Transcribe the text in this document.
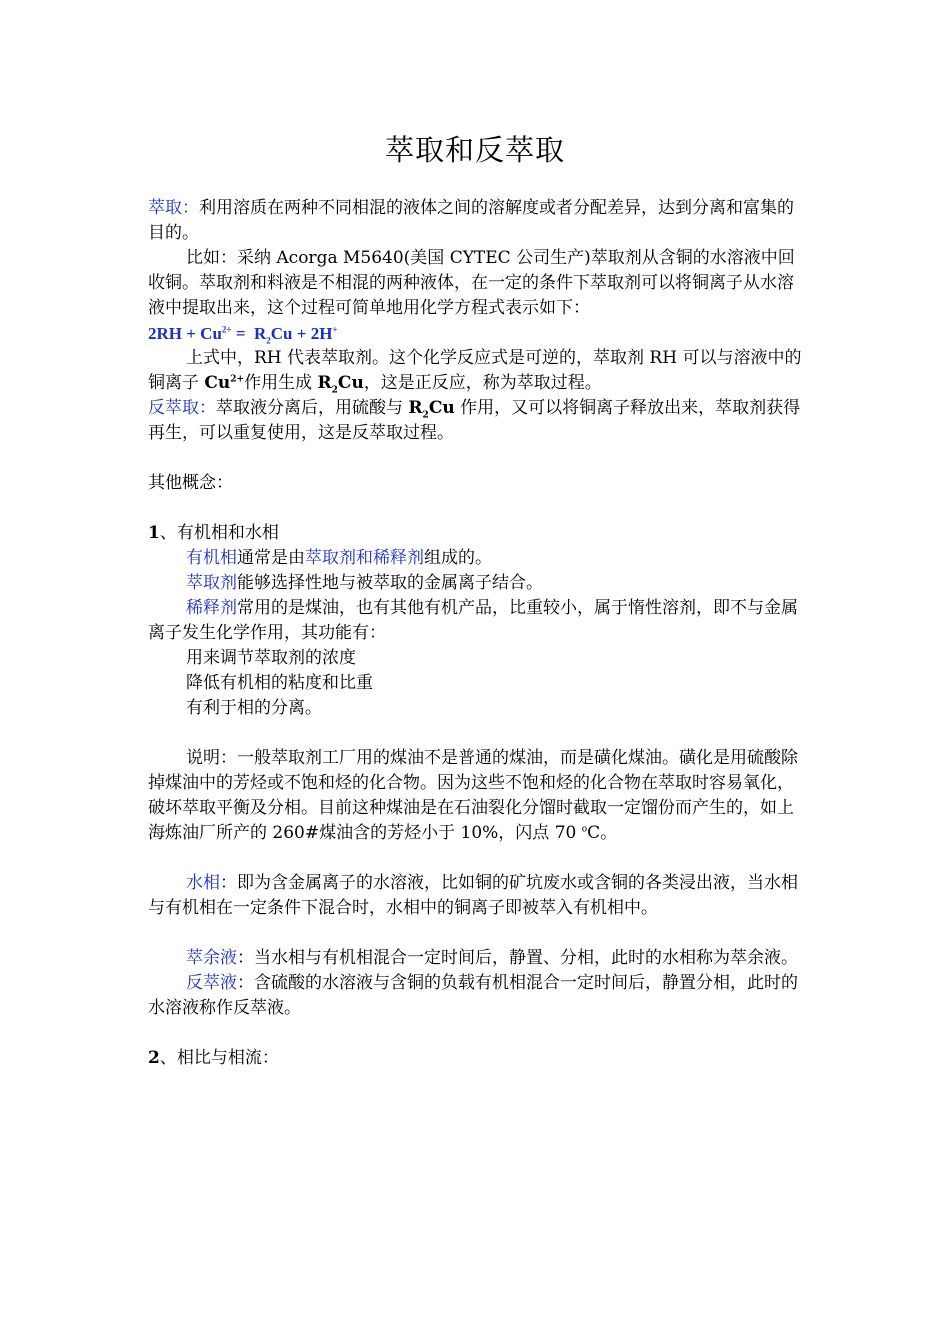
萃取和反萃取

萃取：利用溶质在两种不同相混的液体之间的溶解度或者分配差异，达到分离和富集的目的。

比如：采纳 Acorga M5640(美国 CYTEC 公司生产)萃取剂从含铜的水溶液中回收铜。萃取剂和料液是不相混的两种液体，在一定的条件下萃取剂可以将铜离子从水溶液中提取出来，这个过程可简单地用化学方程式表示如下：

$2RH + Cu^{2+} = R_2Cu + 2H^+$

上式中，RH 代表萃取剂。这个化学反应式是可逆的，萃取剂 RH 可以与溶液中的铜离子 $Cu^{2+}$作用生成 $R_2Cu$，这是正反应，称为萃取过程。

反萃取：萃取液分离后，用硫酸与 $R_2Cu$ 作用，又可以将铜离子释放出来，萃取剂获得再生，可以重复使用，这是反萃取过程。

其他概念：

1、有机相和水相

有机相通常是由萃取剂和稀释剂组成的。

萃取剂能够选择性地与被萃取的金属离子结合。

稀释剂常用的是煤油，也有其他有机产品，比重较小，属于惰性溶剂，即不与金属离子发生化学作用，其功能有：

用来调节萃取剂的浓度

降低有机相的粘度和比重

有利于相的分离。

说明：一般萃取剂工厂用的煤油不是普通的煤油，而是磺化煤油。磺化是用硫酸除掉煤油中的芳烃或不饱和烃的化合物。因为这些不饱和烃的化合物在萃取时容易氧化，破坏萃取平衡及分相。目前这种煤油是在石油裂化分馏时截取一定馏份而产生的，如上海炼油厂所产的 260#煤油含的芳烃小于 10%，闪点 70 $^o$C。

水相：即为含金属离子的水溶液，比如铜的矿坑废水或含铜的各类浸出液，当水相与有机相在一定条件下混合时，水相中的铜离子即被萃入有机相中。

萃余液：当水相与有机相混合一定时间后，静置、分相，此时的水相称为萃余液。

反萃液：含硫酸的水溶液与含铜的负载有机相混合一定时间后，静置分相，此时的水溶液称作反萃液。

2、相比与相流：
